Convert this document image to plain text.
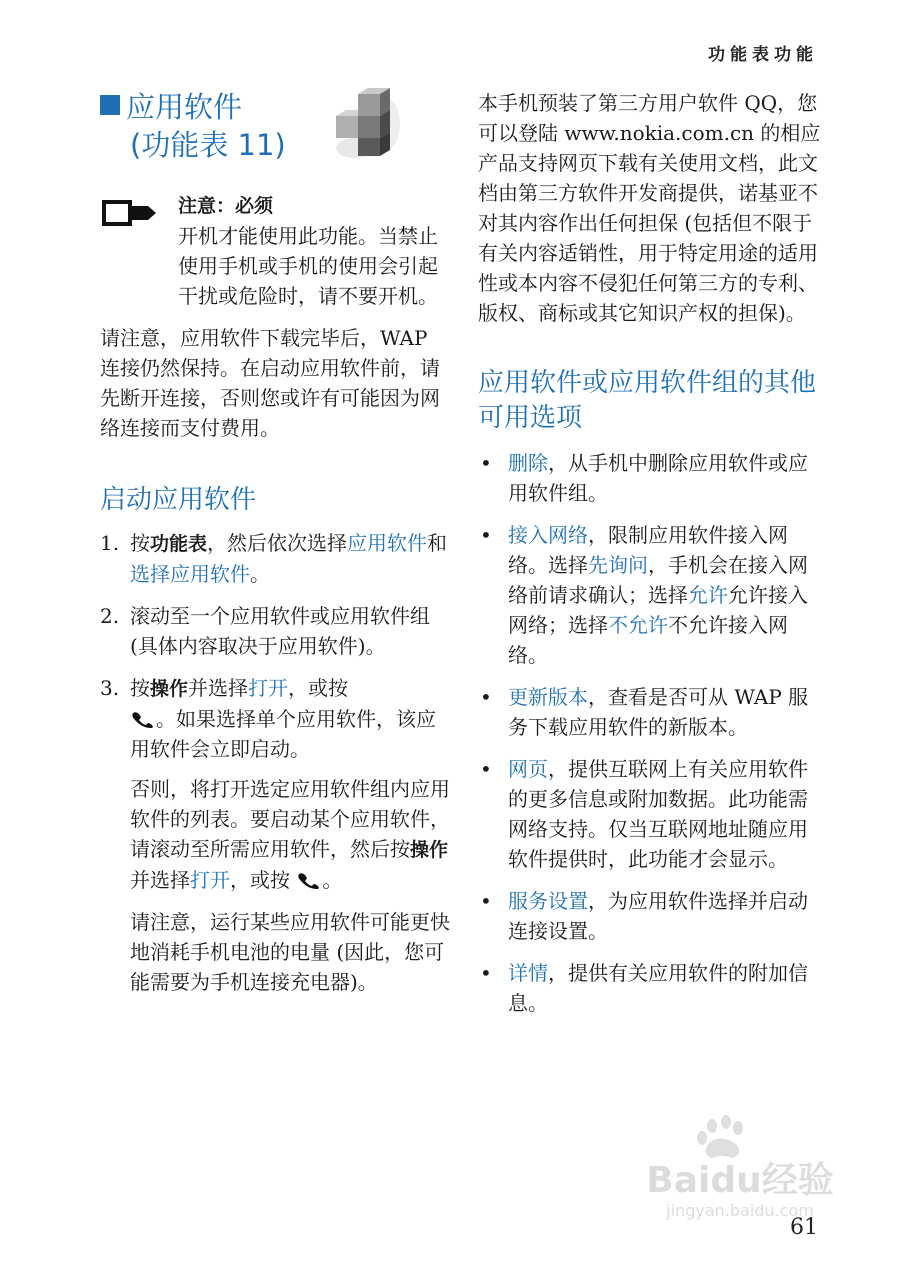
功能表功能
应用软件
(功能表 11)

注意：必须
开机才能使用此功能。当禁止使用手机或手机的使用会引起干扰或危险时，请不要开机。

请注意，应用软件下载完毕后，WAP 连接仍然保持。在启动应用软件前，请先断开连接，否则您或许有可能因为网络连接而支付费用。

启动应用软件
1. 按功能表，然后依次选择应用软件和选择应用软件。
2. 滚动至一个应用软件或应用软件组 (具体内容取决于应用软件)。
3. 按操作并选择打开，或按
。如果选择单个应用软件，该应用软件会立即启动。

否则，将打开选定应用软件组内应用软件的列表。要启动某个应用软件，请滚动至所需应用软件，然后按操作并选择打开，或按 。

请注意，运行某些应用软件可能更快地消耗手机电池的电量 (因此，您可能需要为手机连接充电器)。

本手机预装了第三方用户软件 QQ，您可以登陆 www.nokia.com.cn 的相应产品支持网页下载有关使用文档，此文档由第三方软件开发商提供，诺基亚不对其内容作出任何担保 (包括但不限于有关内容适销性，用于特定用途的适用性或本内容不侵犯任何第三方的专利、版权、商标或其它知识产权的担保)。

应用软件或应用软件组的其他可用选项
• 删除，从手机中删除应用软件或应用软件组。
• 接入网络，限制应用软件接入网络。选择先询问，手机会在接入网络前请求确认；选择允许允许接入网络；选择不允许不允许接入网络。
• 更新版本，查看是否可从 WAP 服务下载应用软件的新版本。
• 网页，提供互联网上有关应用软件的更多信息或附加数据。此功能需网络支持。仅当互联网地址随应用软件提供时，此功能才会显示。
• 服务设置，为应用软件选择并启动连接设置。
• 详情，提供有关应用软件的附加信息。
Baidu经验
jingyan.baidu.com
61
